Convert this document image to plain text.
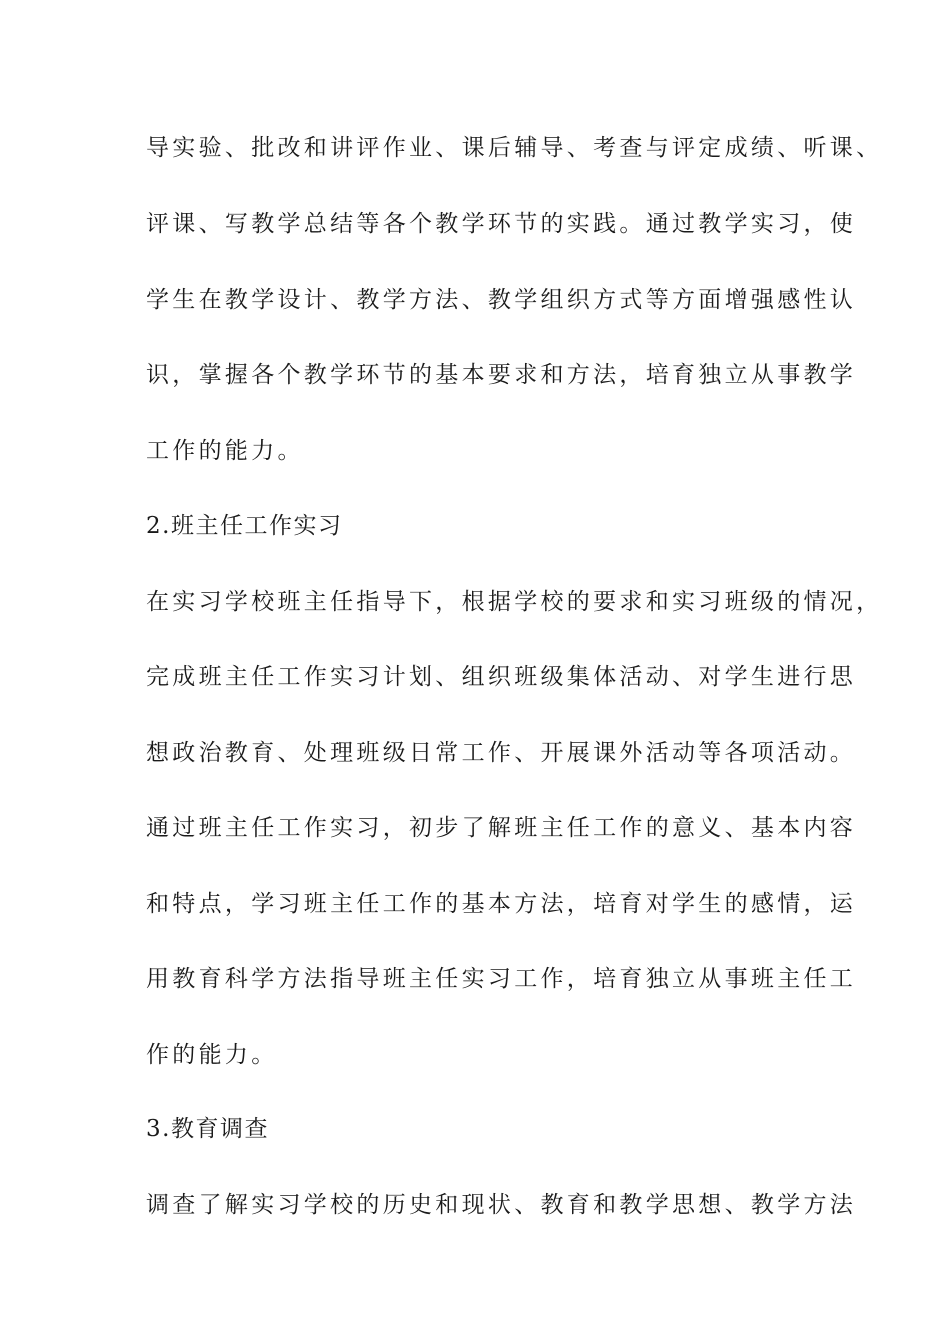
导实验、批改和讲评作业、课后辅导、考查与评定成绩、听课、

评课、写教学总结等各个教学环节的实践。通过教学实习，使

学生在教学设计、教学方法、教学组织方式等方面增强感性认

识，掌握各个教学环节的基本要求和方法，培育独立从事教学

工作的能力。

2.班主任工作实习

在实习学校班主任指导下，根据学校的要求和实习班级的情况，

完成班主任工作实习计划、组织班级集体活动、对学生进行思

想政治教育、处理班级日常工作、开展课外活动等各项活动。

通过班主任工作实习，初步了解班主任工作的意义、基本内容

和特点，学习班主任工作的基本方法，培育对学生的感情，运

用教育科学方法指导班主任实习工作，培育独立从事班主任工

作的能力。

3.教育调查

调查了解实习学校的历史和现状、教育和教学思想、教学方法
